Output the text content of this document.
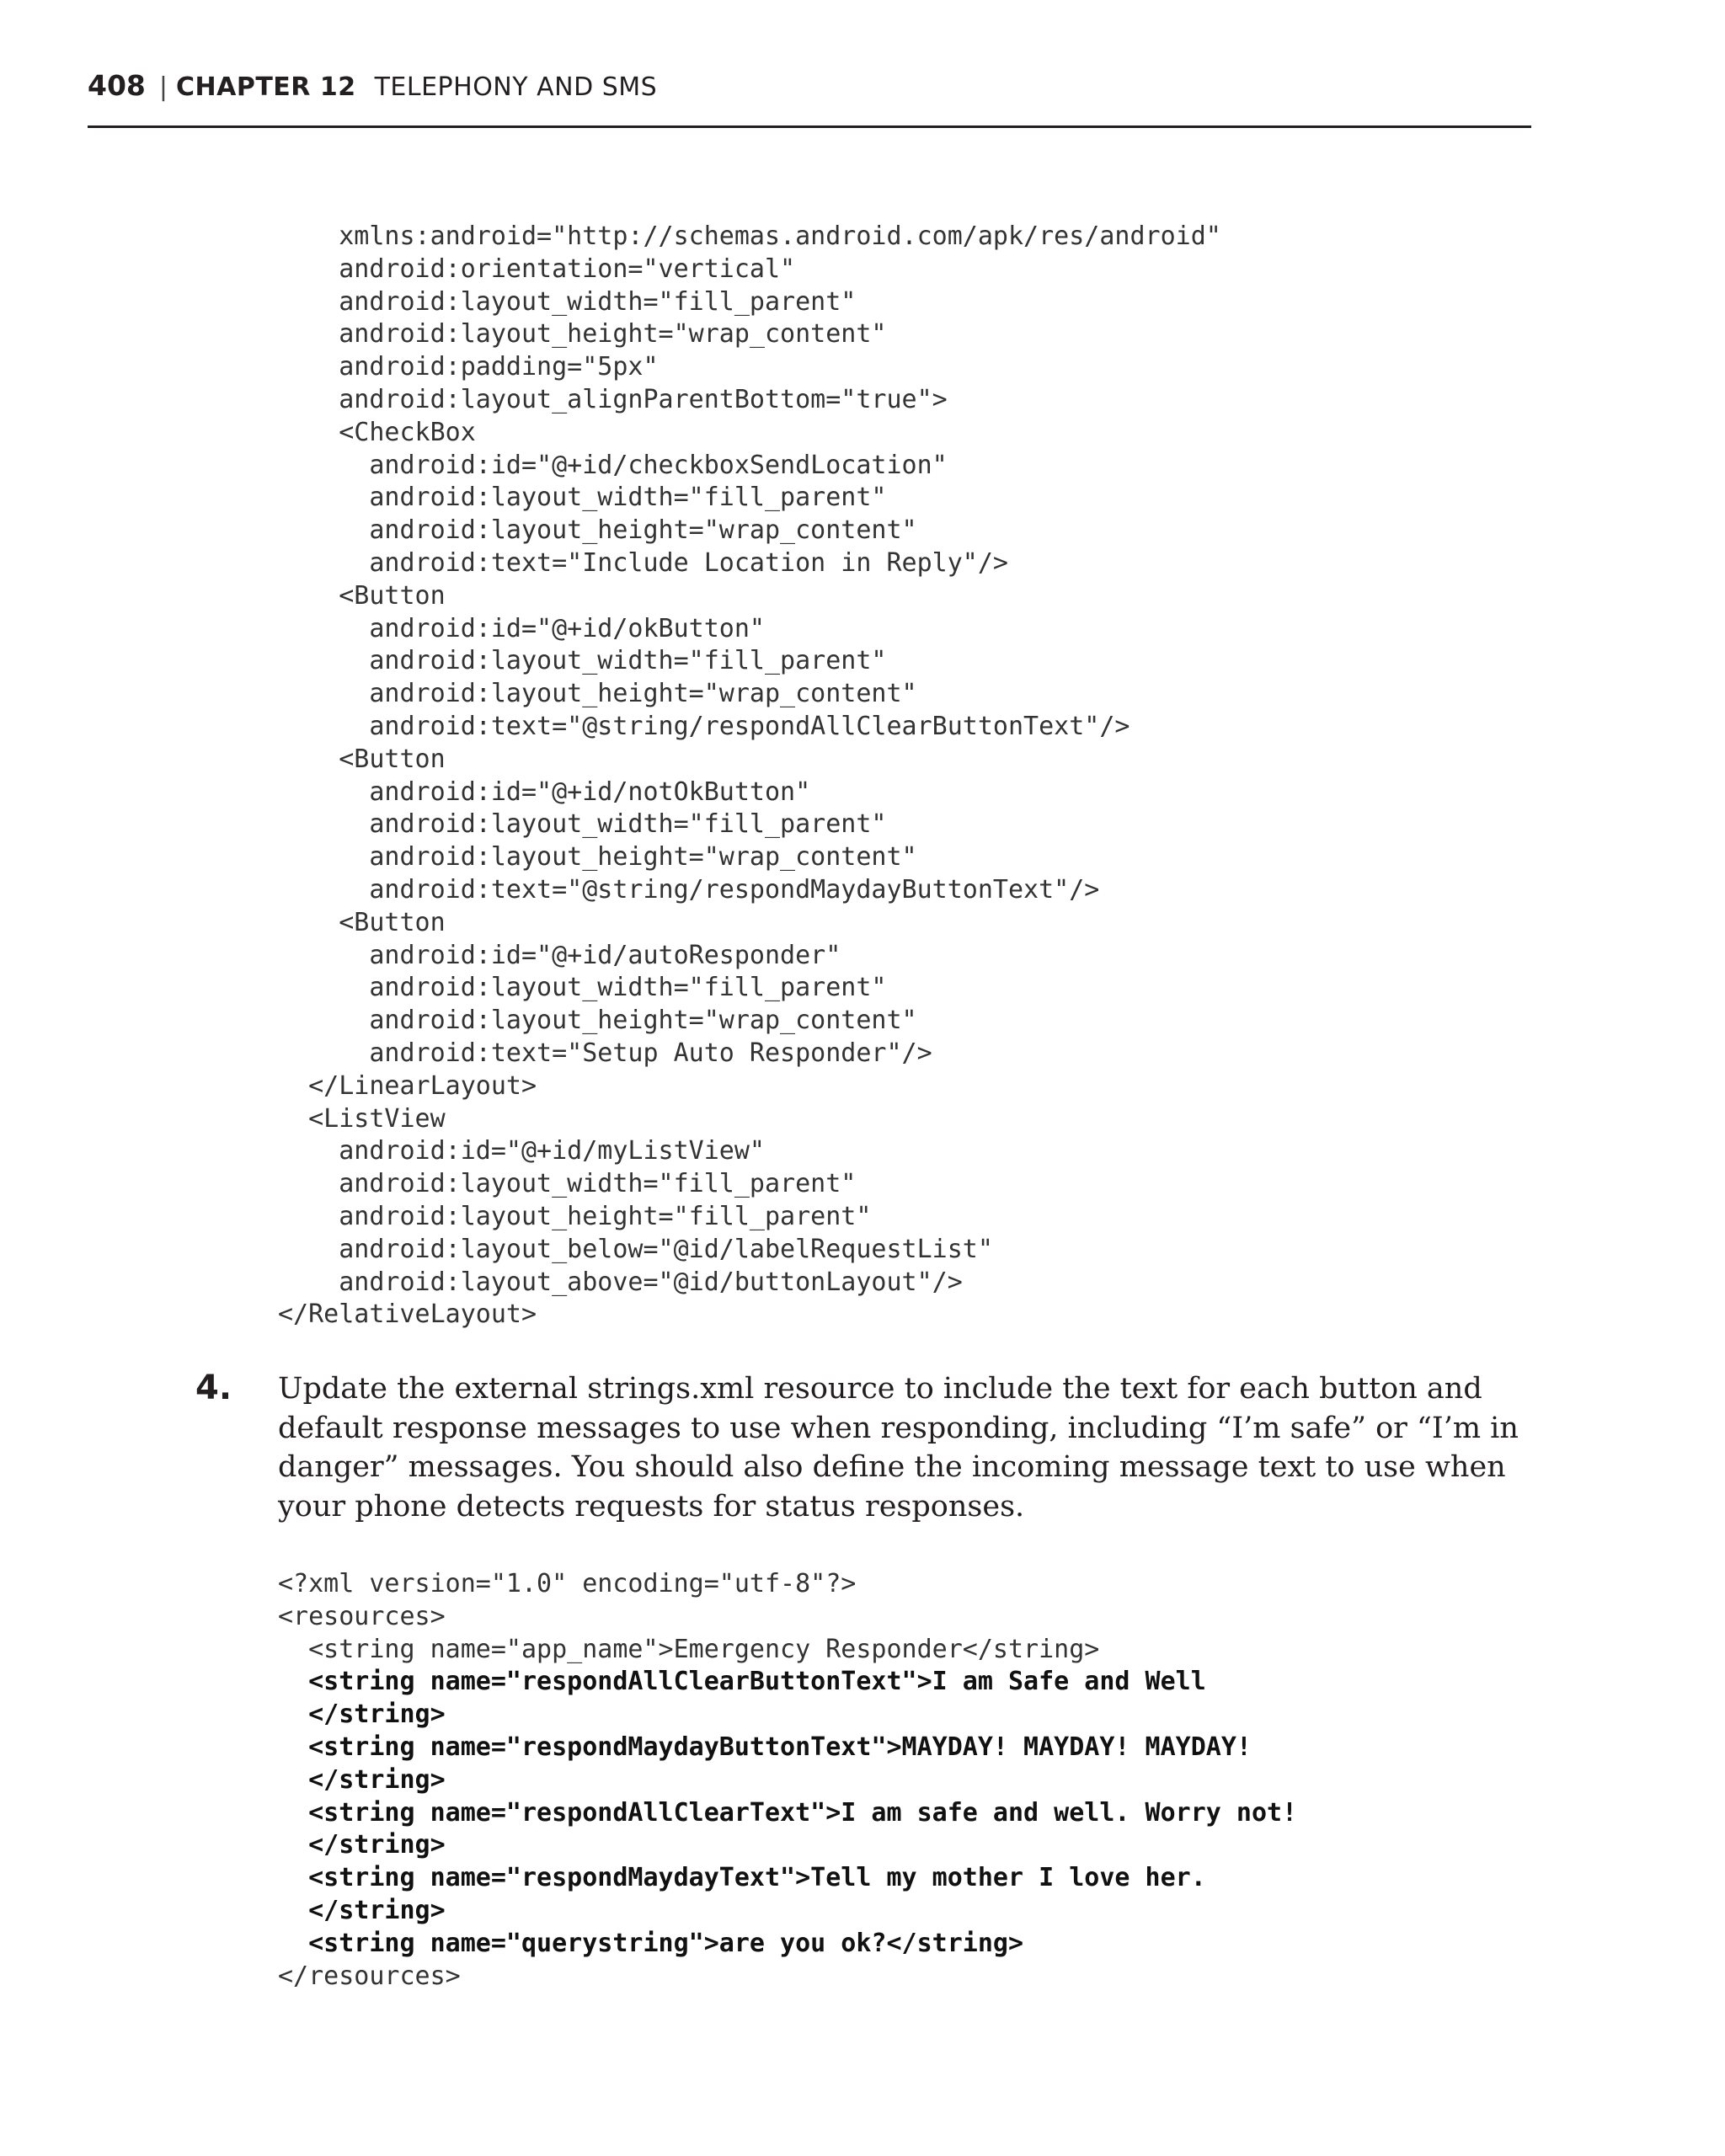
408 | CHAPTER 12 TELEPHONY AND SMS
xmlns:android="http://schemas.android.com/apk/res/android"
android:orientation="vertical"
android:layout_width="fill_parent"
android:layout_height="wrap_content"
android:padding="5px"
android:layout_alignParentBottom="true">
<CheckBox
android:id="@+id/checkboxSendLocation"
android:layout_width="fill_parent"
android:layout_height="wrap_content"
android:text="Include Location in Reply"/>
<Button
android:id="@+id/okButton"
android:layout_width="fill_parent"
android:layout_height="wrap_content"
android:text="@string/respondAllClearButtonText"/>
<Button
android:id="@+id/notOkButton"
android:layout_width="fill_parent"
android:layout_height="wrap_content"
android:text="@string/respondMaydayButtonText"/>
<Button
android:id="@+id/autoResponder"
android:layout_width="fill_parent"
android:layout_height="wrap_content"
android:text="Setup Auto Responder"/>
</LinearLayout>
<ListView
android:id="@+id/myListView"
android:layout_width="fill_parent"
android:layout_height="fill_parent"
android:layout_below="@id/labelRequestList"
android:layout_above="@id/buttonLayout"/>
</RelativeLayout>
4. Update the external strings.xml resource to include the text for each button and default response messages to use when responding, including “I’m safe” or “I’m in danger” messages. You should also define the incoming message text to use when your phone detects requests for status responses.

<?xml version="1.0" encoding="utf-8"?>
<resources>
<string name="app_name">Emergency Responder</string>
<string name="respondAllClearButtonText">I am Safe and Well
</string>
<string name="respondMaydayButtonText">MAYDAY! MAYDAY! MAYDAY!
</string>
<string name="respondAllClearText">I am safe and well. Worry not!
</string>
<string name="respondMaydayText">Tell my mother I love her.
</string>
<string name="querystring">are you ok?</string>
</resources>
